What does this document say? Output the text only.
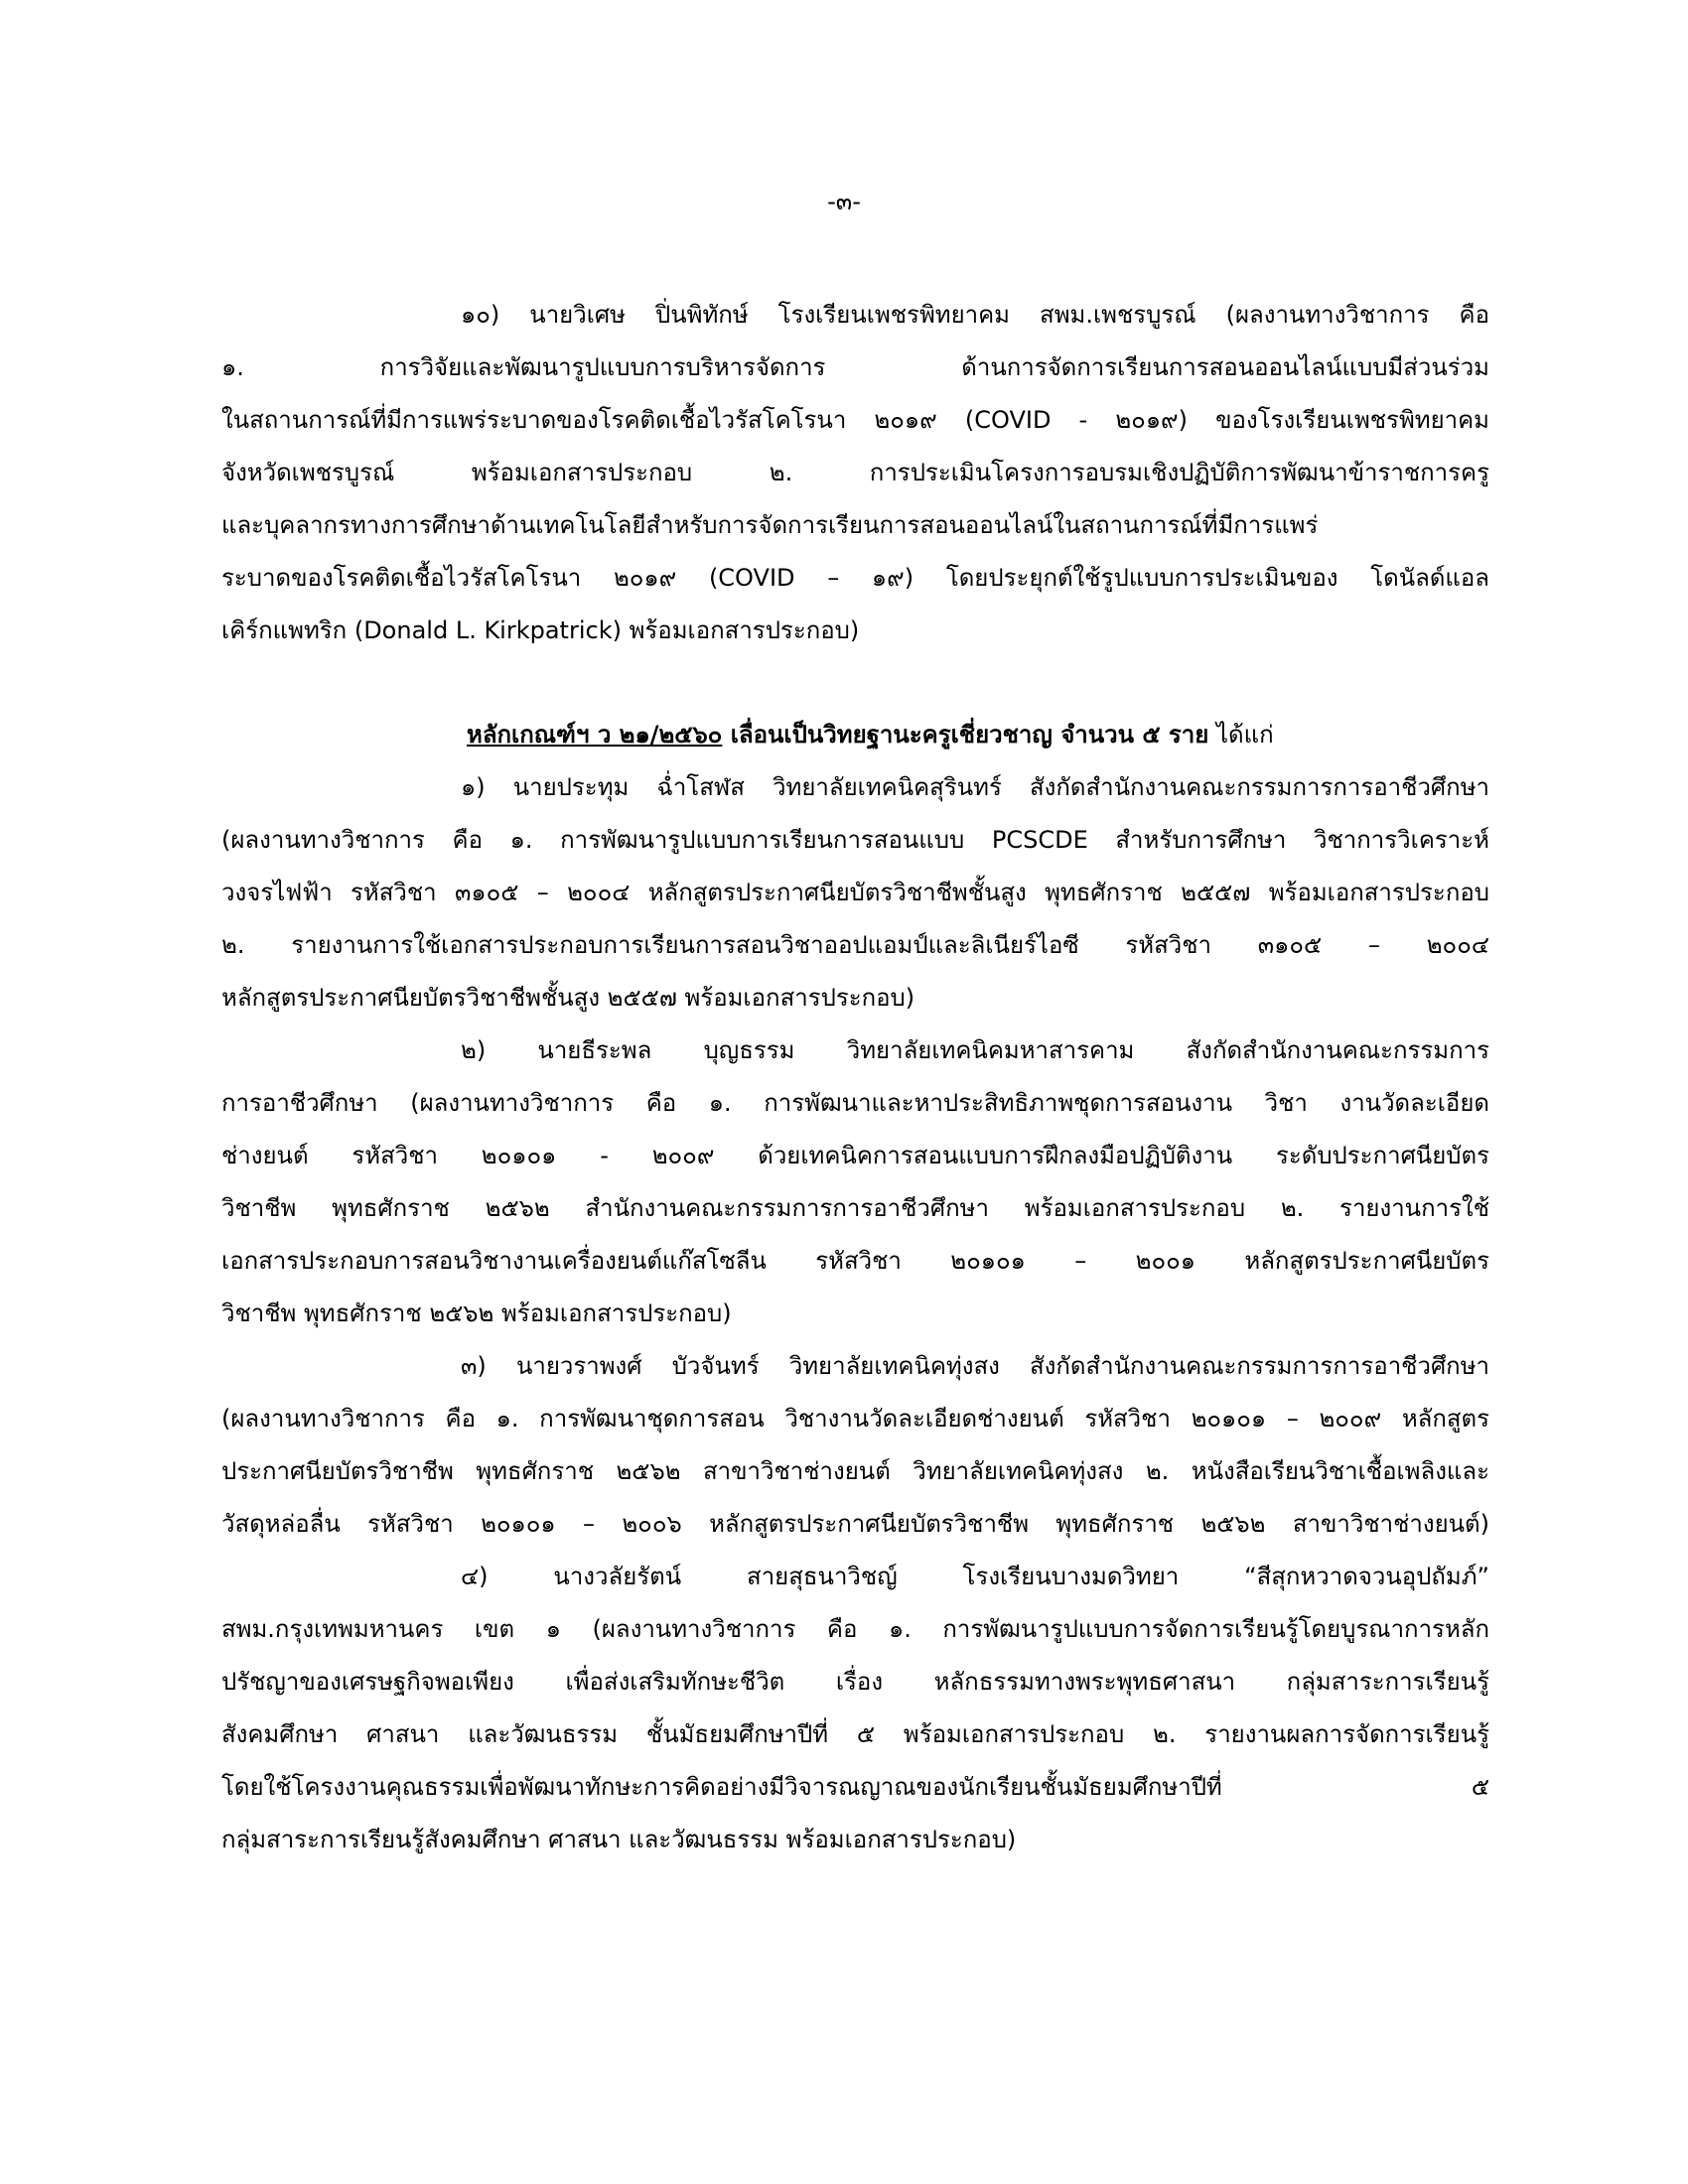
-๓-
๑๐) นายวิเศษ ปิ่นพิทักษ์ โรงเรียนเพชรพิทยาคม สพม.เพชรบูรณ์ (ผลงานทางวิชาการ คือ
๑. การวิจัยและพัฒนารูปแบบการบริหารจัดการ ด้านการจัดการเรียนการสอนออนไลน์แบบมีส่วนร่วม
ในสถานการณ์ที่มีการแพร่ระบาดของโรคติดเชื้อไวรัสโคโรนา ๒๐๑๙ (COVID - ๒๐๑๙) ของโรงเรียนเพชรพิทยาคม
จังหวัดเพชรบูรณ์ พร้อมเอกสารประกอบ ๒. การประเมินโครงการอบรมเชิงปฏิบัติการพัฒนาข้าราชการครู
และบุคลากรทางการศึกษาด้านเทคโนโลยีสำหรับการจัดการเรียนการสอนออนไลน์ในสถานการณ์ที่มีการแพร่
ระบาดของโรคติดเชื้อไวรัสโคโรนา ๒๐๑๙ (COVID – ๑๙) โดยประยุกต์ใช้รูปแบบการประเมินของ โดนัลด์แอล
เคิร์กแพทริก (Donald L. Kirkpatrick) พร้อมเอกสารประกอบ)
หลักเกณฑ์ฯ ว ๒๑/๒๕๖๐ เลื่อนเป็นวิทยฐานะครูเชี่ยวชาญ จำนวน ๕ ราย ได้แก่
๑) นายประทุม ฉ่ำโสฬส วิทยาลัยเทคนิคสุรินทร์ สังกัดสำนักงานคณะกรรมการการอาชีวศึกษา
(ผลงานทางวิชาการ คือ ๑. การพัฒนารูปแบบการเรียนการสอนแบบ PCSCDE สำหรับการศึกษา วิชาการวิเคราะห์
วงจรไฟฟ้า รหัสวิชา ๓๑๐๕ – ๒๐๐๔ หลักสูตรประกาศนียบัตรวิชาชีพชั้นสูง พุทธศักราช ๒๕๕๗ พร้อมเอกสารประกอบ
๒. รายงานการใช้เอกสารประกอบการเรียนการสอนวิชาออปแอมป์และลิเนียร์ไอซี รหัสวิชา ๓๑๐๕ – ๒๐๐๔
หลักสูตรประกาศนียบัตรวิชาชีพชั้นสูง ๒๕๕๗ พร้อมเอกสารประกอบ)
๒) นายธีระพล บุญธรรม วิทยาลัยเทคนิคมหาสารคาม สังกัดสำนักงานคณะกรรมการ
การอาชีวศึกษา (ผลงานทางวิชาการ คือ ๑. การพัฒนาและหาประสิทธิภาพชุดการสอนงาน วิชา งานวัดละเอียด
ช่างยนต์ รหัสวิชา ๒๐๑๐๑ - ๒๐๐๙ ด้วยเทคนิคการสอนแบบการฝึกลงมือปฏิบัติงาน ระดับประกาศนียบัตร
วิชาชีพ พุทธศักราช ๒๕๖๒ สำนักงานคณะกรรมการการอาชีวศึกษา พร้อมเอกสารประกอบ ๒. รายงานการใช้
เอกสารประกอบการสอนวิชางานเครื่องยนต์แก๊สโซลีน รหัสวิชา ๒๐๑๐๑ – ๒๐๐๑ หลักสูตรประกาศนียบัตร
วิชาชีพ พุทธศักราช ๒๕๖๒ พร้อมเอกสารประกอบ)
๓) นายวราพงศ์ บัวจันทร์ วิทยาลัยเทคนิคทุ่งสง สังกัดสำนักงานคณะกรรมการการอาชีวศึกษา
(ผลงานทางวิชาการ คือ ๑. การพัฒนาชุดการสอน วิชางานวัดละเอียดช่างยนต์ รหัสวิชา ๒๐๑๐๑ – ๒๐๐๙ หลักสูตร
ประกาศนียบัตรวิชาชีพ พุทธศักราช ๒๕๖๒ สาขาวิชาช่างยนต์ วิทยาลัยเทคนิคทุ่งสง ๒. หนังสือเรียนวิชาเชื้อเพลิงและ
วัสดุหล่อลื่น รหัสวิชา ๒๐๑๐๑ – ๒๐๐๖ หลักสูตรประกาศนียบัตรวิชาชีพ พุทธศักราช ๒๕๖๒ สาขาวิชาช่างยนต์)
๔) นางวลัยรัตน์ สายสุธนาวิชญ์ โรงเรียนบางมดวิทยา “สีสุกหวาดจวนอุปถัมภ์”
สพม.กรุงเทพมหานคร เขต ๑ (ผลงานทางวิชาการ คือ ๑. การพัฒนารูปแบบการจัดการเรียนรู้โดยบูรณาการหลัก
ปรัชญาของเศรษฐกิจพอเพียง เพื่อส่งเสริมทักษะชีวิต เรื่อง หลักธรรมทางพระพุทธศาสนา กลุ่มสาระการเรียนรู้
สังคมศึกษา ศาสนา และวัฒนธรรม ชั้นมัธยมศึกษาปีที่ ๕ พร้อมเอกสารประกอบ ๒. รายงานผลการจัดการเรียนรู้
โดยใช้โครงงานคุณธรรมเพื่อพัฒนาทักษะการคิดอย่างมีวิจารณญาณของนักเรียนชั้นมัธยมศึกษาปีที่ ๕
กลุ่มสาระการเรียนรู้สังคมศึกษา ศาสนา และวัฒนธรรม พร้อมเอกสารประกอบ)
